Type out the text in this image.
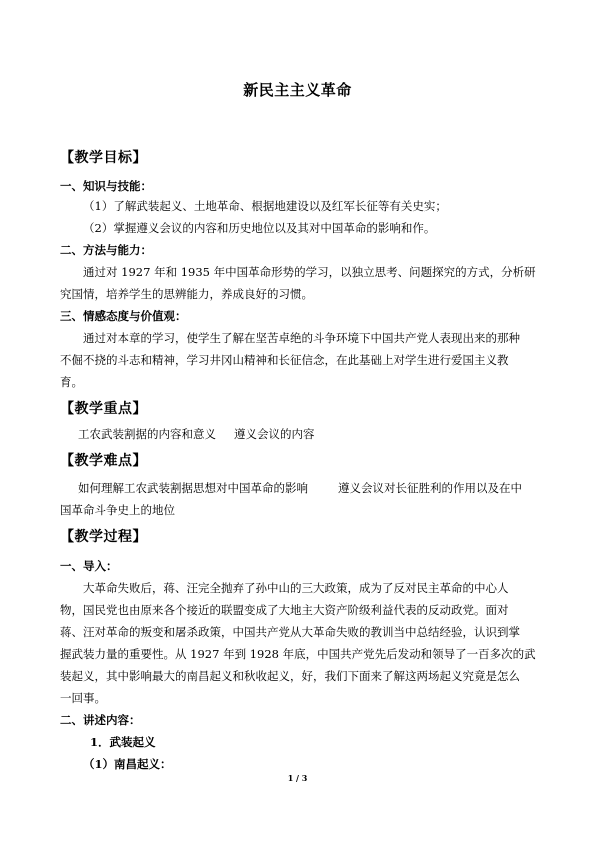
新民主主义革命
【教学目标】
一、知识与技能：
（1）了解武装起义、土地革命、根据地建设以及红军长征等有关史实；
（2）掌握遵义会议的内容和历史地位以及其对中国革命的影响和作。
二、方法与能力：
通过对 1927 年和 1935 年中国革命形势的学习，以独立思考、问题探究的方式，分析研
究国情，培养学生的思辨能力，养成良好的习惯。
三、情感态度与价值观：
通过对本章的学习，使学生了解在坚苦卓绝的斗争环境下中国共产党人表现出来的那种
不倔不挠的斗志和精神，学习井冈山精神和长征信念，在此基础上对学生进行爱国主义教
育。
【教学重点】
工农武装割据的内容和意义 遵义会议的内容
【教学难点】
如何理解工农武装割据思想对中国革命的影响	遵义会议对长征胜利的作用以及在中
国革命斗争史上的地位
【教学过程】
一、导入：
大革命失败后，蒋、汪完全抛弃了孙中山的三大政策，成为了反对民主革命的中心人
物，国民党也由原来各个接近的联盟变成了大地主大资产阶级利益代表的反动政党。面对
蒋、汪对革命的叛变和屠杀政策，中国共产党从大革命失败的教训当中总结经验，认识到掌
握武装力量的重要性。从 1927 年到 1928 年底，中国共产党先后发动和领导了一百多次的武
装起义，其中影响最大的南昌起义和秋收起义，好，我们下面来了解这两场起义究竟是怎么
一回事。
二、讲述内容：
1．武装起义
（1）南昌起义：
1 / 3
